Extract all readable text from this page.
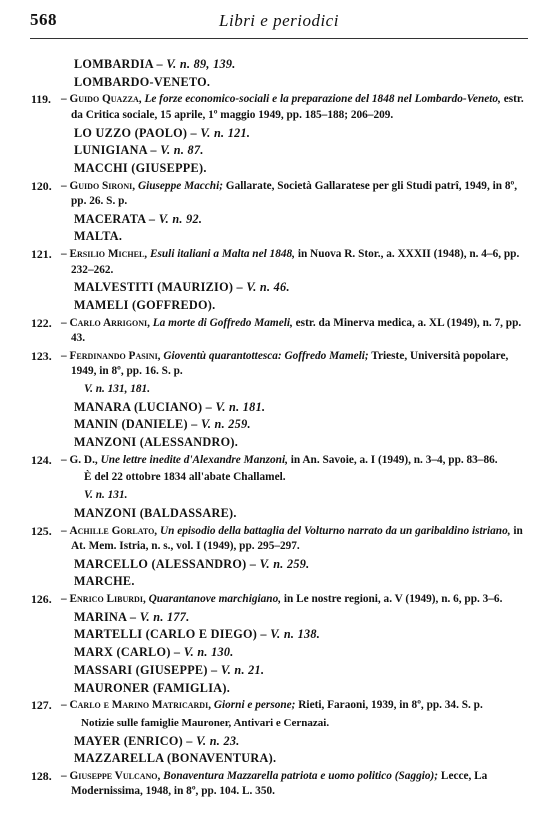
568	Libri e periodici
LOMBARDIA – V. n. 89, 139.
LOMBARDO-VENETO.
119. – Guido Quazza, Le forze economico-sociali e la preparazione del 1848 nel Lombardo-Veneto, estr. da Critica sociale, 15 aprile, 1º maggio 1949, pp. 185–188; 206–209.
LO UZZO (PAOLO) – V. n. 121.
LUNIGIANA – V. n. 87.
MACCHI (GIUSEPPE).
120. – Guido Sironi, Giuseppe Macchi; Gallarate, Società Gallaratese per gli Studi patrî, 1949, in 8º, pp. 26. S. p.
MACERATA – V. n. 92.
MALTA.
121. – Ersilio Michel, Esuli italiani a Malta nel 1848, in Nuova R. Stor., a. XXXII (1948), n. 4–6, pp. 232–262.
MALVESTITI (MAURIZIO) – V. n. 46.
MAMELI (GOFFREDO).
122. – Carlo Arrigoni, La morte di Goffredo Mameli, estr. da Minerva medica, a. XL (1949), n. 7, pp. 43.
123. – Ferdinando Pasini, Gioventù quarantottesca: Goffredo Mameli; Trieste, Università popolare, 1949, in 8º, pp. 16. S. p.
V. n. 131, 181.
MANARA (LUCIANO) – V. n. 181.
MANIN (DANIELE) – V. n. 259.
MANZONI (ALESSANDRO).
124. – G. D., Une lettre inedite d'Alexandre Manzoni, in An. Savoie, a. I (1949), n. 3–4, pp. 83–86.
È del 22 ottobre 1834 all'abate Challamel.
V. n. 131.
MANZONI (BALDASSARE).
125. – Achille Gorlato, Un episodio della battaglia del Volturno narrato da un garibaldino istriano, in At. Mem. Istria, n. s., vol. I (1949), pp. 295–297.
MARCELLO (ALESSANDRO) – V. n. 259.
MARCHE.
126. – Enrico Liburdi, Quarantanove marchigiano, in Le nostre regioni, a. V (1949), n. 6, pp. 3–6.
MARINA – V. n. 177.
MARTELLI (CARLO E DIEGO) – V. n. 138.
MARX (CARLO) – V. n. 130.
MASSARI (GIUSEPPE) – V. n. 21.
MAURONER (FAMIGLIA).
127. – Carlo e Marino Matricardi, Giorni e persone; Rieti, Faraoni, 1939, in 8º, pp. 34. S. p.
Notizie sulle famiglie Mauroner, Antivari e Cernazai.
MAYER (ENRICO) – V. n. 23.
MAZZARELLA (BONAVENTURA).
128. – Giuseppe Vulcano, Bonaventura Mazzarella patriota e uomo politico (Saggio); Lecce, La Modernissima, 1948, in 8º, pp. 104. L. 350.
